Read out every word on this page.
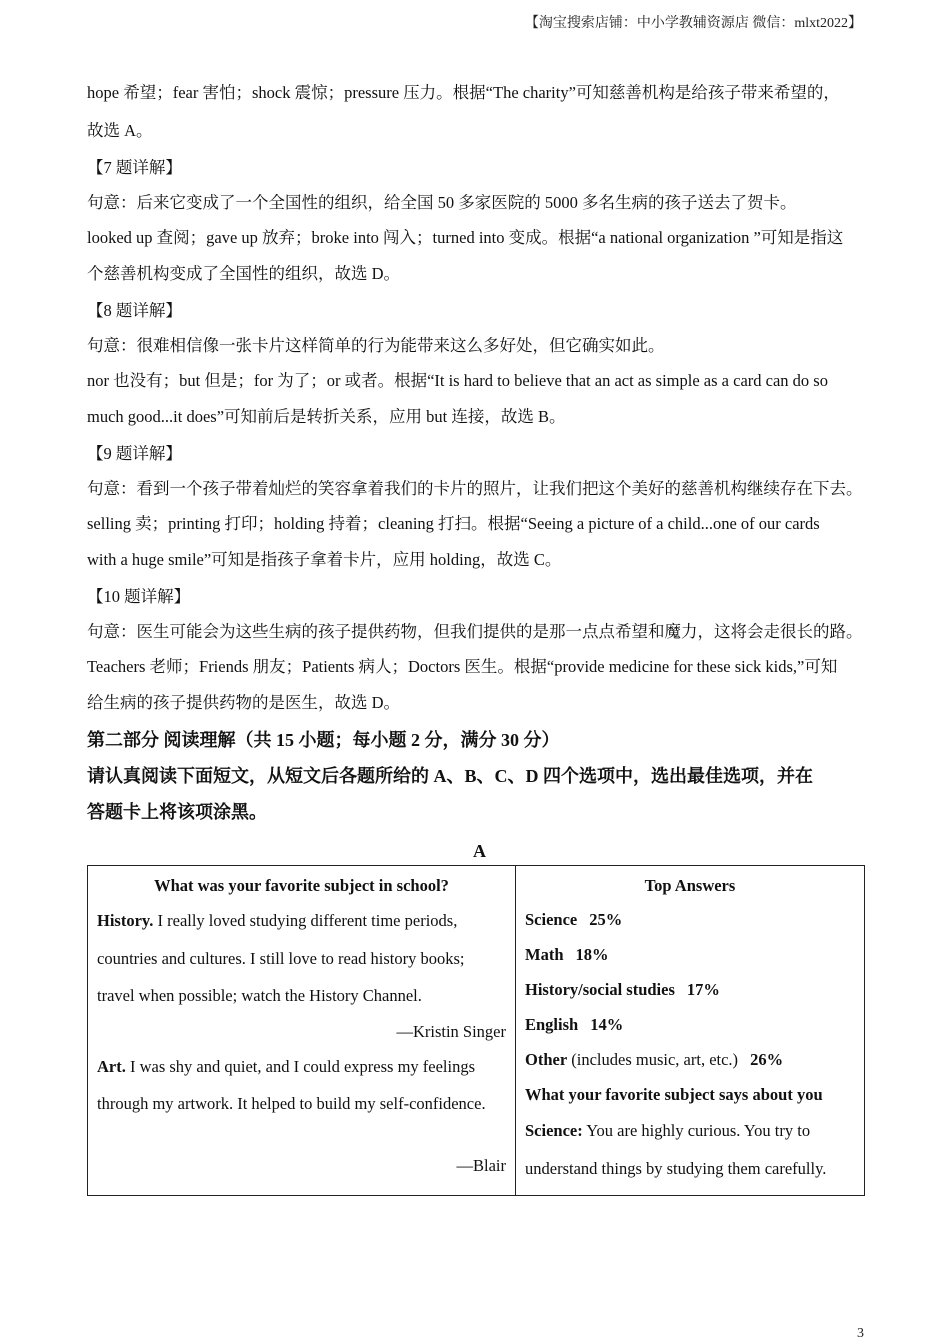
【淘宝搜索店铺：中小学教辅资源店 微信：mlxt2022】

hope 希望；fear 害怕；shock 震惊；pressure 压力。根据“The charity”可知慈善机构是给孩子带来希望的，

故选 A。

【7 题详解】

句意：后来它变成了一个全国性的组织，给全国 50 多家医院的 5000 多名生病的孩子送去了贺卡。

looked up 查阅；gave up 放弃；broke into 闯入；turned into 变成。根据“a national organization ”可知是指这

个慈善机构变成了全国性的组织，故选 D。

【8 题详解】

句意：很难相信像一张卡片这样简单的行为能带来这么多好处，但它确实如此。

nor 也没有；but 但是；for 为了；or 或者。根据“It is hard to believe that an act as simple as a card can do so

much good...it does”可知前后是转折关系，应用 but 连接，故选 B。

【9 题详解】

句意：看到一个孩子带着灿烂的笑容拿着我们的卡片的照片，让我们把这个美好的慈善机构继续存在下去。

selling 卖；printing 打印；holding 持着；cleaning 打扫。根据“Seeing a picture of a child...one of our cards

with a huge smile”可知是指孩子拿着卡片，应用 holding，故选 C。

【10 题详解】

句意：医生可能会为这些生病的孩子提供药物，但我们提供的是那一点点希望和魔力，这将会走很长的路。

Teachers 老师；Friends 朋友；Patients 病人；Doctors 医生。根据“provide medicine for these sick kids,”可知

给生病的孩子提供药物的是医生，故选 D。

第二部分 阅读理解（共 15 小题；每小题 2 分，满分 30 分）

请认真阅读下面短文，从短文后各题所给的 A、B、C、D 四个选项中，选出最佳选项，并在

答题卡上将该项涂黑。

A
What was your favorite subject in school?

History. I really loved studying different time periods,

countries and cultures. I still love to read history books;

travel when possible; watch the History Channel.

—Kristin Singer

Art. I was shy and quiet, and I could express my feelings

through my artwork. It helped to build my self-confidence.

—Blair

Top Answers

Science 25%

Math 18%

History/social studies 17%

English 14%

Other (includes music, art, etc.) 26%

What your favorite subject says about you

Science: You are highly curious. You try to

understand things by studying them carefully.

3
